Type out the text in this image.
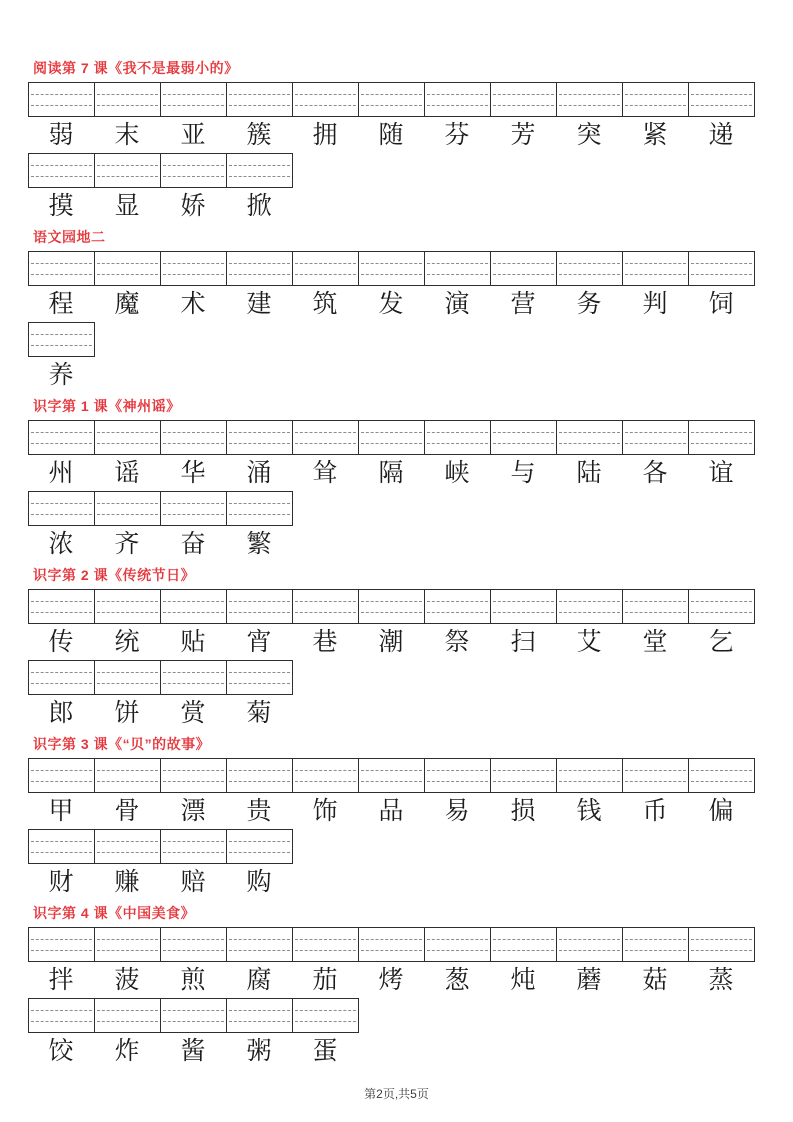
阅读第 7 课《我不是最弱小的》
弱	末	亚	簇	拥	随	芬	芳	突	紧	递
摸	显	娇	掀
语文园地二
程	魔	术	建	筑	发	演	营	务	判	饲
养
识字第 1 课《神州谣》
州	谣	华	涌	耸	隔	峡	与	陆	各	谊
浓	齐	奋	繁
识字第 2 课《传统节日》
传	统	贴	宵	巷	潮	祭	扫	艾	堂	乞
郎	饼	赏	菊
识字第 3 课《“贝”的故事》
甲	骨	漂	贵	饰	品	易	损	钱	币	偏
财	赚	赔	购
识字第 4 课《中国美食》
拌	菠	煎	腐	茄	烤	葱	炖	蘑	菇	蒸
饺	炸	酱	粥	蛋
第2页,共5页
